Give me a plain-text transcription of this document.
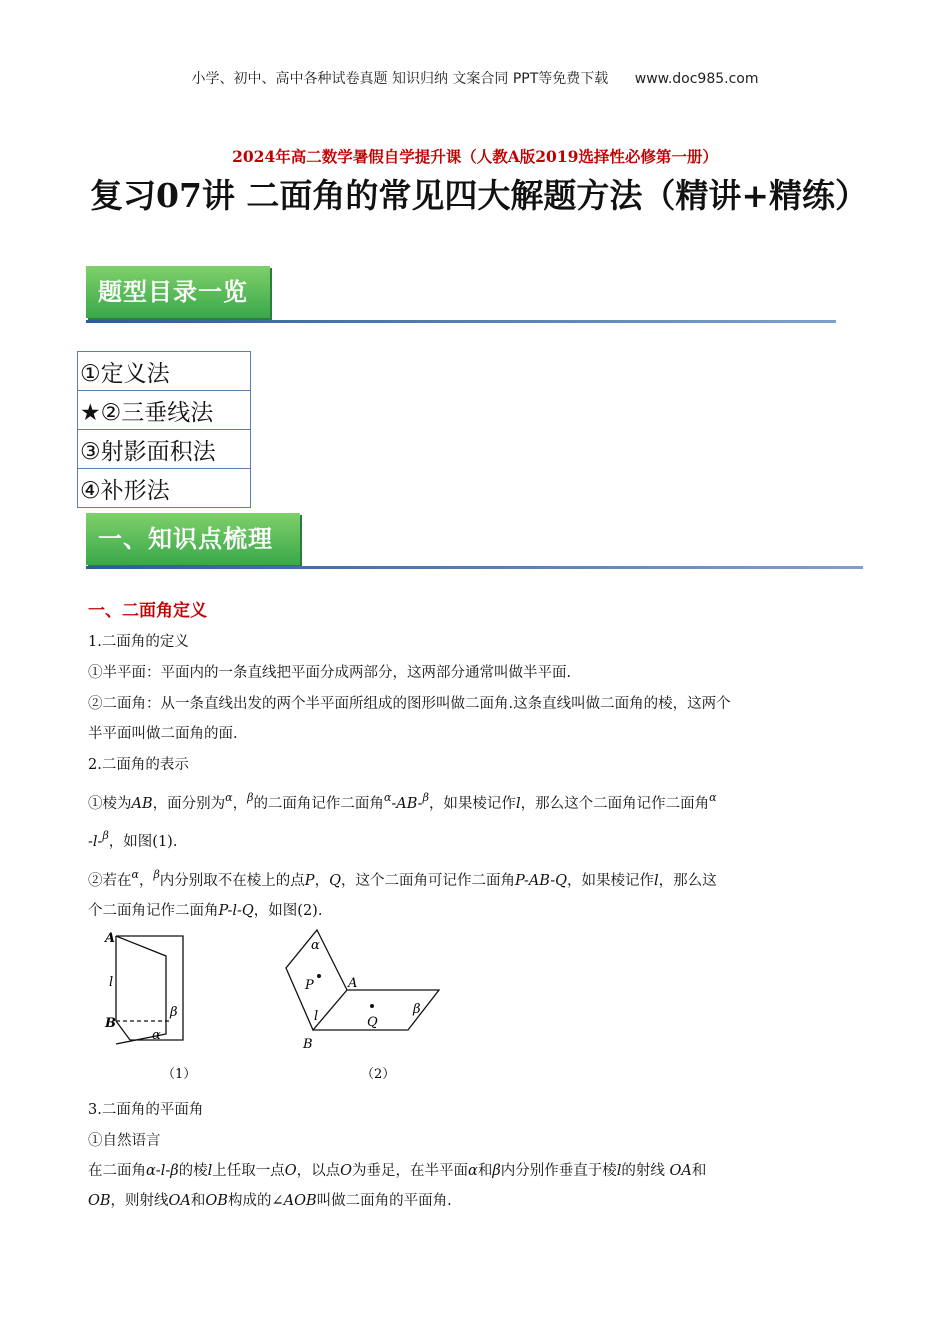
小学、初中、高中各种试卷真题 知识归纳 文案合同 PPT等免费下载 www.doc985.com
2024年高二数学暑假自学提升课（人教A版2019选择性必修第一册）
复习07讲 二面角的常见四大解题方法（精讲+精练）
题型目录一览
①定义法
★②三垂线法
③射影面积法
④补形法
一、知识点梳理
一、二面角定义
1.二面角的定义
①半平面：平面内的一条直线把平面分成两部分，这两部分通常叫做半平面.
②二面角：从一条直线出发的两个半平面所组成的图形叫做二面角.这条直线叫做二面角的棱，这两个
半平面叫做二面角的面.
2.二面角的表示
①棱为AB，面分别为$^\alpha$，$^\beta$的二面角记作二面角$^\alpha$-AB-$^\beta$，如果棱记作l，那么这个二面角记作二面角$^\alpha$
-l-$^\beta$，如图(1).
②若在$^\alpha$，$^\beta$内分别取不在棱上的点P，Q，这个二面角可记作二面角P-AB-Q，如果棱记作l，那么这
个二面角记作二面角P-l-Q，如图(2).
A
l
B
β
α
（1）
α
P	A
β
l	Q
B
（2）
3.二面角的平面角
①自然语言
在二面角α-l-β的棱l上任取一点O，以点O为垂足，在半平面α和β内分别作垂直于棱l的射线 OA和
OB，则射线OA和OB构成的∠AOB叫做二面角的平面角.
